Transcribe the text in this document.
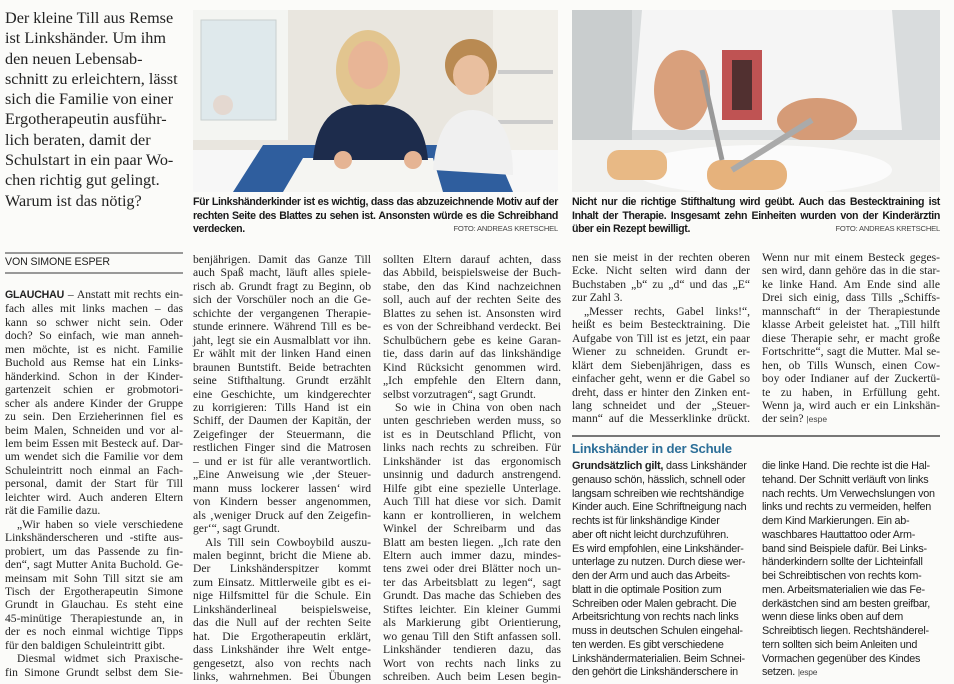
Der kleine Till aus Remse
ist Linkshänder. Um ihm
den neuen Lebensab-
schnitt zu erleichtern, lässt
sich die Familie von einer
Ergotherapeutin ausführ-
lich beraten, damit der
Schulstart in ein paar Wo-
chen richtig gut gelingt.
Warum ist das nötig?	Für Linkshänderkinder ist es wichtig, dass das abzuzeichnende Motiv auf der
rechten Seite des Blattes zu sehen ist. Ansonsten würde es die Schreibhand
verdecken.	FOTO: ANDREAS KRETSCHEL
Nicht nur die richtige Stifthaltung wird geübt. Auch das Bestecktraining ist
Inhalt der Therapie. Insgesamt zehn Einheiten wurden von der Kinderärztin
über ein Rezept bewilligt.	FOTO: ANDREAS KRETSCHEL
VON SIMONE ESPER
GLAUCHAU – Anstatt mit rechts ein-
fach alles mit links machen – das
kann so schwer nicht sein. Oder
doch? So einfach, wie man anneh-
men möchte, ist es nicht. Familie
Buchold aus Remse hat ein Links-
händerkind. Schon in der Kinder-
gartenzeit schien er grobmotori-
scher als andere Kinder der Gruppe
zu sein. Den Erzieherinnen fiel es
beim Malen, Schneiden und vor al-
lem beim Essen mit Besteck auf. Dar-
um wendet sich die Familie vor dem
Schuleintritt noch einmal an Fach-
personal, damit der Start für Till
leichter wird. Auch anderen Eltern
rät die Familie dazu.
„Wir haben so viele verschiedene
Linkshänderscheren und -stifte aus-
probiert, um das Passende zu fin-
den“, sagt Mutter Anita Buchold. Ge-
meinsam mit Sohn Till sitzt sie am
Tisch der Ergotherapeutin Simone
Grundt in Glauchau. Es steht eine
45-minütige Therapiestunde an, in
der es noch einmal wichtige Tipps
für den baldigen Schuleintritt gibt.
Diesmal widmet sich Praxische-
fin Simone Grundt selbst dem Sie-
benjährigen. Damit das Ganze Till
auch Spaß macht, läuft alles spiele-
risch ab. Grundt fragt zu Beginn, ob
sich der Vorschüler noch an die Ge-
schichte der vergangenen Therapie-
stunde erinnere. Während Till es be-
jaht, legt sie ein Ausmalblatt vor ihn.
Er wählt mit der linken Hand einen
braunen Buntstift. Beide betrachten
seine Stifthaltung. Grundt erzählt
eine Geschichte, um kindgerechter
zu korrigieren: Tills Hand ist ein
Schiff, der Daumen der Kapitän, der
Zeigefinger der Steuermann, die
restlichen Finger sind die Matrosen
– und er ist für alle verantwortlich.
„Eine Anweisung wie ‚der Steuer-
mann muss lockerer lassen‘ wird
von Kindern besser angenommen,
als ‚weniger Druck auf den Zeigefin-
ger‘“, sagt Grundt.
Als Till sein Cowboybild auszu-
malen beginnt, bricht die Miene ab.
Der Linkshänderspitzer kommt
zum Einsatz. Mittlerweile gibt es ei-
nige Hilfsmittel für die Schule. Ein
Linkshänderlineal beispielsweise,
das die Null auf der rechten Seite
hat. Die Ergotherapeutin erklärt,
dass Linkshänder ihre Welt entge-
gengesetzt, also von rechts nach
links, wahrnehmen. Bei Übungen
sollten Eltern darauf achten, dass
das Abbild, beispielsweise der Buch-
stabe, den das Kind nachzeichnen
soll, auch auf der rechten Seite des
Blattes zu sehen ist. Ansonsten wird
es von der Schreibhand verdeckt. Bei
Schulbüchern gebe es keine Garan-
tie, dass darin auf das linkshändige
Kind Rücksicht genommen wird.
„Ich empfehle den Eltern dann,
selbst vorzutragen“, sagt Grundt.
So wie in China von oben nach
unten geschrieben werden muss, so
ist es in Deutschland Pflicht, von
links nach rechts zu schreiben. Für
Linkshänder ist das ergonomisch
unsinnig und dadurch anstrengend.
Hilfe gibt eine spezielle Unterlage.
Auch Till hat diese vor sich. Damit
kann er kontrollieren, in welchem
Winkel der Schreibarm und das
Blatt am besten liegen. „Ich rate den
Eltern auch immer dazu, mindes-
tens zwei oder drei Blätter noch un-
ter das Arbeitsblatt zu legen“, sagt
Grundt. Das mache das Schieben des
Stiftes leichter. Ein kleiner Gummi
als Markierung gibt Orientierung,
wo genau Till den Stift anfassen soll.
Linkshänder tendieren dazu, das
Wort von rechts nach links zu
schreiben. Auch beim Lesen begin-
nen sie meist in der rechten oberen
Ecke. Nicht selten wird dann der
Buchstaben „b“ zu „d“ und das „E“
zur Zahl 3.
„Messer rechts, Gabel links!“,
heißt es beim Bestecktraining. Die
Aufgabe von Till ist es jetzt, ein paar
Wiener zu schneiden. Grundt er-
klärt dem Siebenjährigen, dass es
einfacher geht, wenn er die Gabel so
dreht, dass er hinter den Zinken ent-
lang schneidet und der „Steuer-
mann“ auf die Messerklinke drückt.
Wenn nur mit einem Besteck geges-
sen wird, dann gehöre das in die star-
ke linke Hand. Am Ende sind alle
Drei sich einig, dass Tills „Schiffs-
mannschaft“ in der Therapiestunde
klasse Arbeit geleistet hat. „Till hilft
diese Therapie sehr, er macht große
Fortschritte“, sagt die Mutter. Mal se-
hen, ob Tills Wunsch, einen Cow-
boy oder Indianer auf der Zuckertü-
te zu haben, in Erfüllung geht.
Wenn ja, wird auch er ein Linkshän-
der sein? |espe
Linkshänder in der Schule
Grundsätzlich gilt, dass Linkshänder
genauso schön, hässlich, schnell oder
langsam schreiben wie rechtshändige
Kinder auch. Eine Schriftneigung nach
rechts ist für linkshändige Kinder
aber oft nicht leicht durchzuführen.
Es wird empfohlen, eine Linkshänder-
unterlage zu nutzen. Durch diese wer-
den der Arm und auch das Arbeits-
blatt in die optimale Position zum
Schreiben oder Malen gebracht. Die
Arbeitsrichtung von rechts nach links
muss in deutschen Schulen eingehal-
ten werden. Es gibt verschiedene
Linkshändermaterialien. Beim Schnei-
den gehört die Linkshänderschere in
die linke Hand. Die rechte ist die Hal-
tehand. Der Schnitt verläuft von links
nach rechts. Um Verwechslungen von
links und rechts zu vermeiden, helfen
dem Kind Markierungen. Ein ab-
waschbares Hauttattoo oder Arm-
band sind Beispiele dafür. Bei Links-
händerkindern sollte der Lichteinfall
bei Schreibtischen von rechts kom-
men. Arbeitsmaterialien wie das Fe-
derkästchen sind am besten greifbar,
wenn diese links oben auf dem
Schreibtisch liegen. Rechtshänderel-
tern sollten sich beim Anleiten und
Vormachen gegenüber des Kindes
setzen. |espe
